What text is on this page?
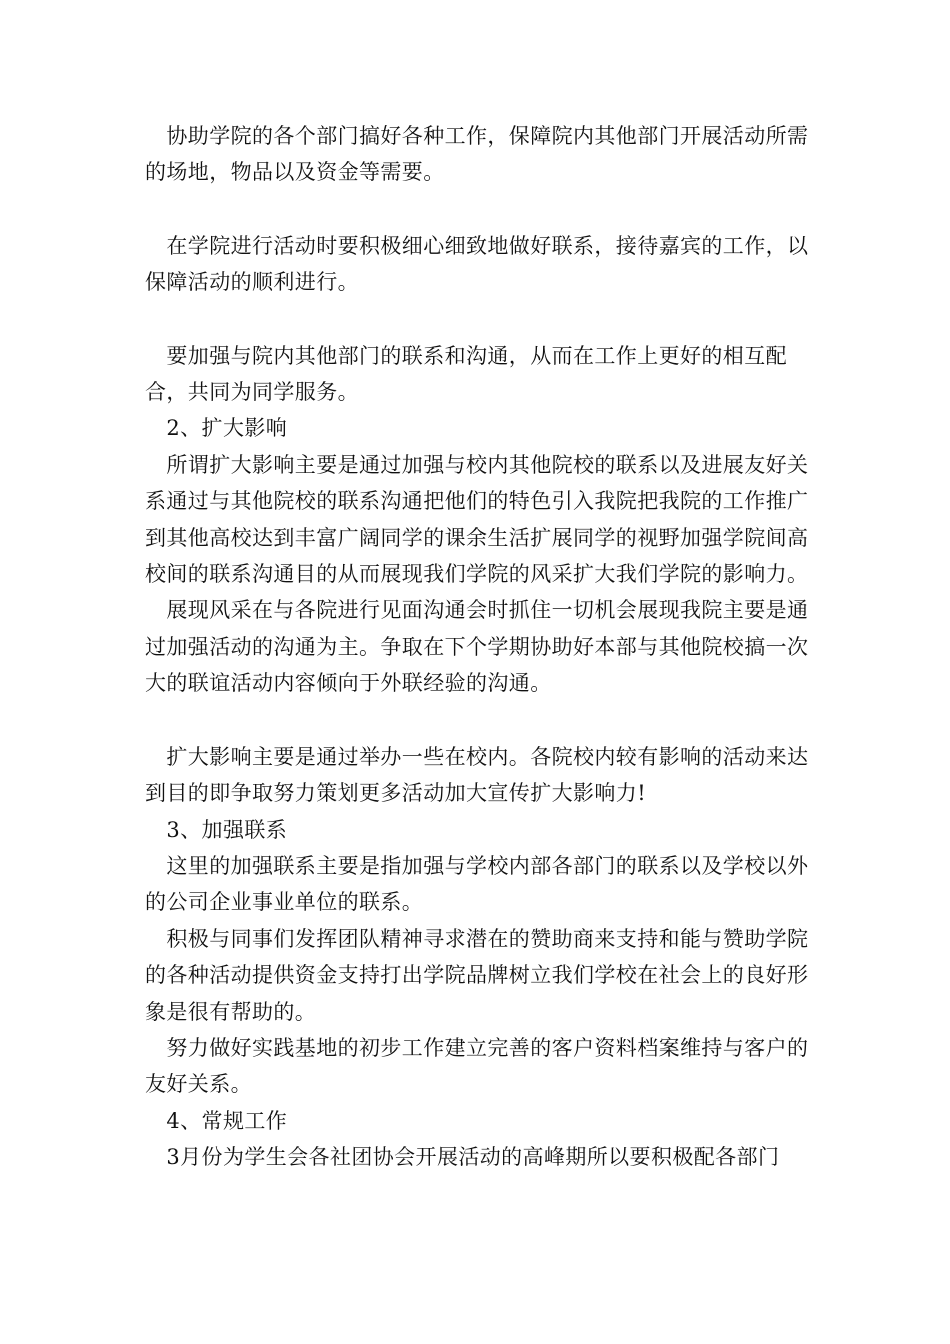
　协助学院的各个部门搞好各种工作，保障院内其他部门开展活动所需的场地，物品以及资金等需要。

　在学院进行活动时要积极细心细致地做好联系，接待嘉宾的工作，以保障活动的顺利进行。

　要加强与院内其他部门的联系和沟通，从而在工作上更好的相互配合，共同为同学服务。

　2、扩大影响

　所谓扩大影响主要是通过加强与校内其他院校的联系以及进展友好关系通过与其他院校的联系沟通把他们的特色引入我院把我院的工作推广到其他高校达到丰富广阔同学的课余生活扩展同学的视野加强学院间高校间的联系沟通目的从而展现我们学院的风采扩大我们学院的影响力。

　展现风采在与各院进行见面沟通会时抓住一切机会展现我院主要是通过加强活动的沟通为主。争取在下个学期协助好本部与其他院校搞一次大的联谊活动内容倾向于外联经验的沟通。

　扩大影响主要是通过举办一些在校内。各院校内较有影响的活动来达到目的即争取努力策划更多活动加大宣传扩大影响力!

　3、加强联系

　这里的加强联系主要是指加强与学校内部各部门的联系以及学校以外的公司企业事业单位的联系。

　积极与同事们发挥团队精神寻求潜在的赞助商来支持和能与赞助学院的各种活动提供资金支持打出学院品牌树立我们学校在社会上的良好形象是很有帮助的。

　努力做好实践基地的初步工作建立完善的客户资料档案维持与客户的友好关系。

　4、常规工作

　3月份为学生会各社团协会开展活动的高峰期所以要积极配各部门
